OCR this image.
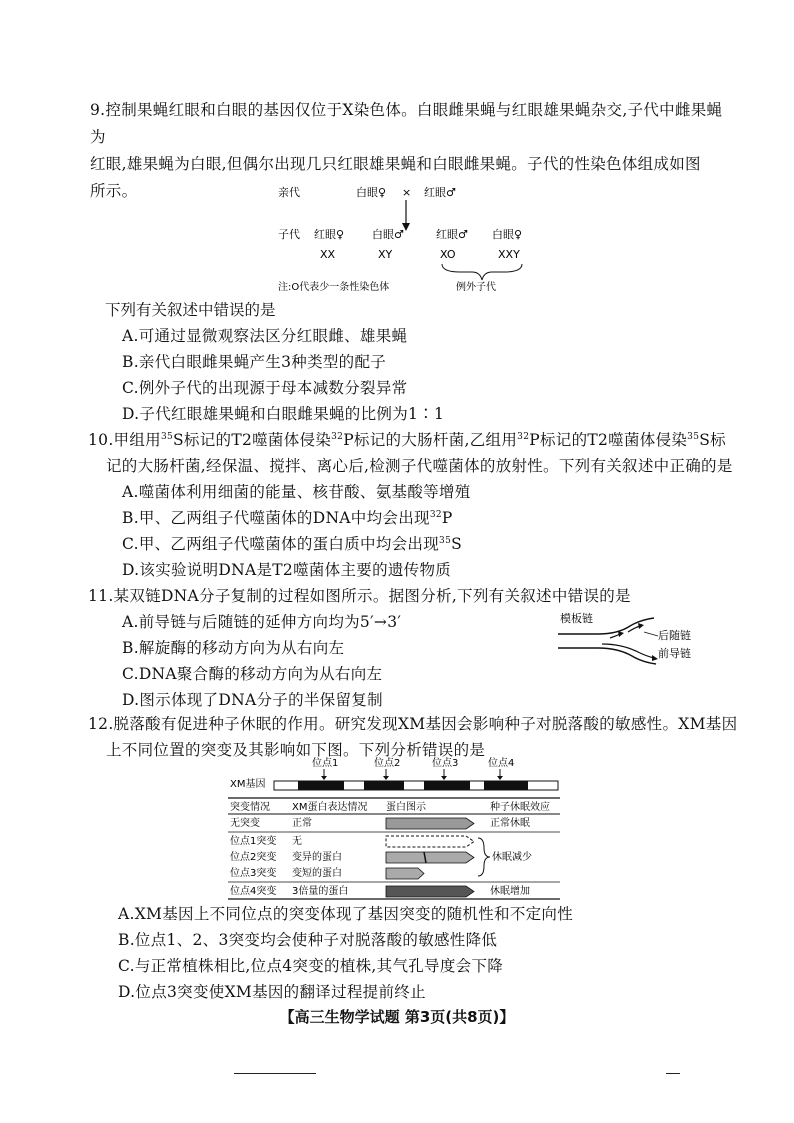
9.控制果蝇红眼和白眼的基因仅位于X染色体。白眼雌果蝇与红眼雄果蝇杂交,子代中雌果蝇为
红眼,雄果蝇为白眼,但偶尔出现几只红眼雄果蝇和白眼雌果蝇。子代的性染色体组成如图
所示。	亲代	白眼♀ × 红眼♂
子代 红眼♀	白眼♂	红眼♂ 白眼♀
XX	XY	XO	XXY
注:O代表少一条性染色体	例外子代
下列有关叙述中错误的是
A.可通过显微观察法区分红眼雌、雄果蝇
B.亲代白眼雌果蝇产生3种类型的配子
C.例外子代的出现源于母本减数分裂异常
D.子代红眼雄果蝇和白眼雌果蝇的比例为1∶1
10.甲组用$^{35}$S标记的T2噬菌体侵染$^{32}$P标记的大肠杆菌,乙组用$^{32}$P标记的T2噬菌体侵染$^{35}$S标
记的大肠杆菌,经保温、搅拌、离心后,检测子代噬菌体的放射性。下列有关叙述中正确的是
A.噬菌体利用细菌的能量、核苷酸、氨基酸等增殖
B.甲、乙两组子代噬菌体的DNA中均会出现$^{32}$P
C.甲、乙两组子代噬菌体的蛋白质中均会出现$^{35}$S
D.该实验说明DNA是T2噬菌体主要的遗传物质
11.某双链DNA分子复制的过程如图所示。据图分析,下列有关叙述中错误的是
A.前导链与后随链的延伸方向均为5′→3′
B.解旋酶的移动方向为从右向左
C.DNA聚合酶的移动方向为从右向左
D.图示体现了DNA分子的半保留复制
模板链
后随链
前导链
12.脱落酸有促进种子休眠的作用。研究发现XM基因会影响种子对脱落酸的敏感性。XM基因
上不同位置的突变及其影响如下图。下列分析错误的是
位点1	位点2	位点3	位点4
XM基因
突变情况 XM蛋白表达情况 蛋白图示	种子休眠效应
无突变	正常	正常休眠
位点1突变 无
位点2突变 变异的蛋白
位点3突变 变短的蛋白
休眠减少
位点4突变 3倍量的蛋白	休眠增加
A.XM基因上不同位点的突变体现了基因突变的随机性和不定向性
B.位点1、2、3突变均会使种子对脱落酸的敏感性降低
C.与正常植株相比,位点4突变的植株,其气孔导度会下降
D.位点3突变使XM基因的翻译过程提前终止
【高三生物学试题 第3页(共8页)】
